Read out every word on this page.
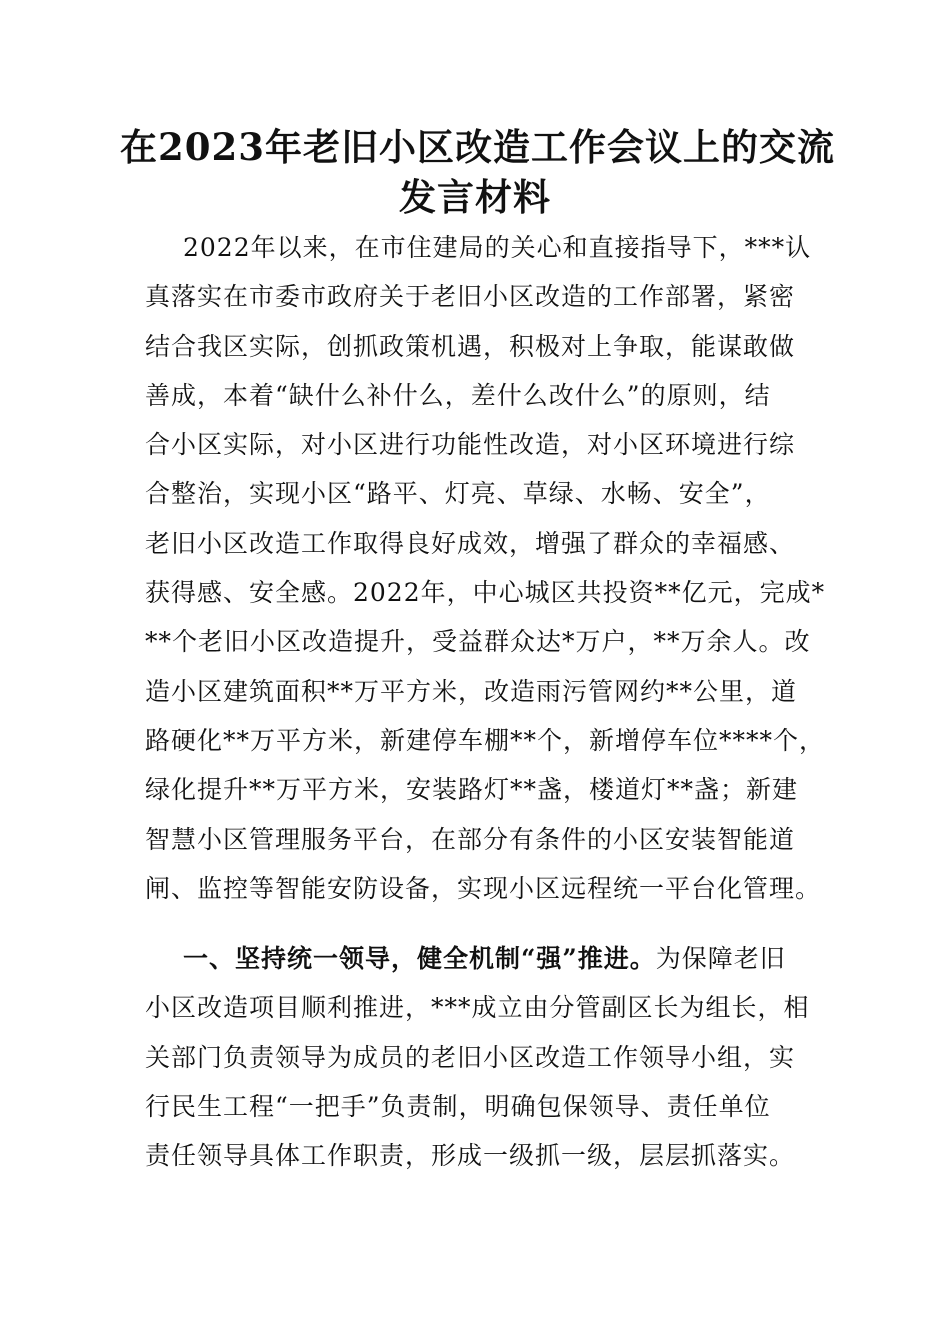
在2023年老旧小区改造工作会议上的交流
发言材料
2022年以来，在市住建局的关心和直接指导下，***认
真落实在市委市政府关于老旧小区改造的工作部署，紧密
结合我区实际，创抓政策机遇，积极对上争取，能谋敢做
善成，本着“缺什么补什么，差什么改什么”的原则，结
合小区实际，对小区进行功能性改造，对小区环境进行综
合整治，实现小区“路平、灯亮、草绿、水畅、安全”，
老旧小区改造工作取得良好成效，增强了群众的幸福感、
获得感、安全感。2022年，中心城区共投资**亿元，完成*
**个老旧小区改造提升，受益群众达*万户，**万余人。改
造小区建筑面积**万平方米，改造雨污管网约**公里，道
路硬化**万平方米，新建停车棚**个，新增停车位****个，
绿化提升**万平方米，安装路灯**盏，楼道灯**盏；新建
智慧小区管理服务平台，在部分有条件的小区安装智能道
闸、监控等智能安防设备，实现小区远程统一平台化管理。
一、坚持统一领导，健全机制“强”推进。为保障老旧
小区改造项目顺利推进，***成立由分管副区长为组长，相
关部门负责领导为成员的老旧小区改造工作领导小组，实
行民生工程“一把手”负责制，明确包保领导、责任单位
责任领导具体工作职责，形成一级抓一级，层层抓落实。
